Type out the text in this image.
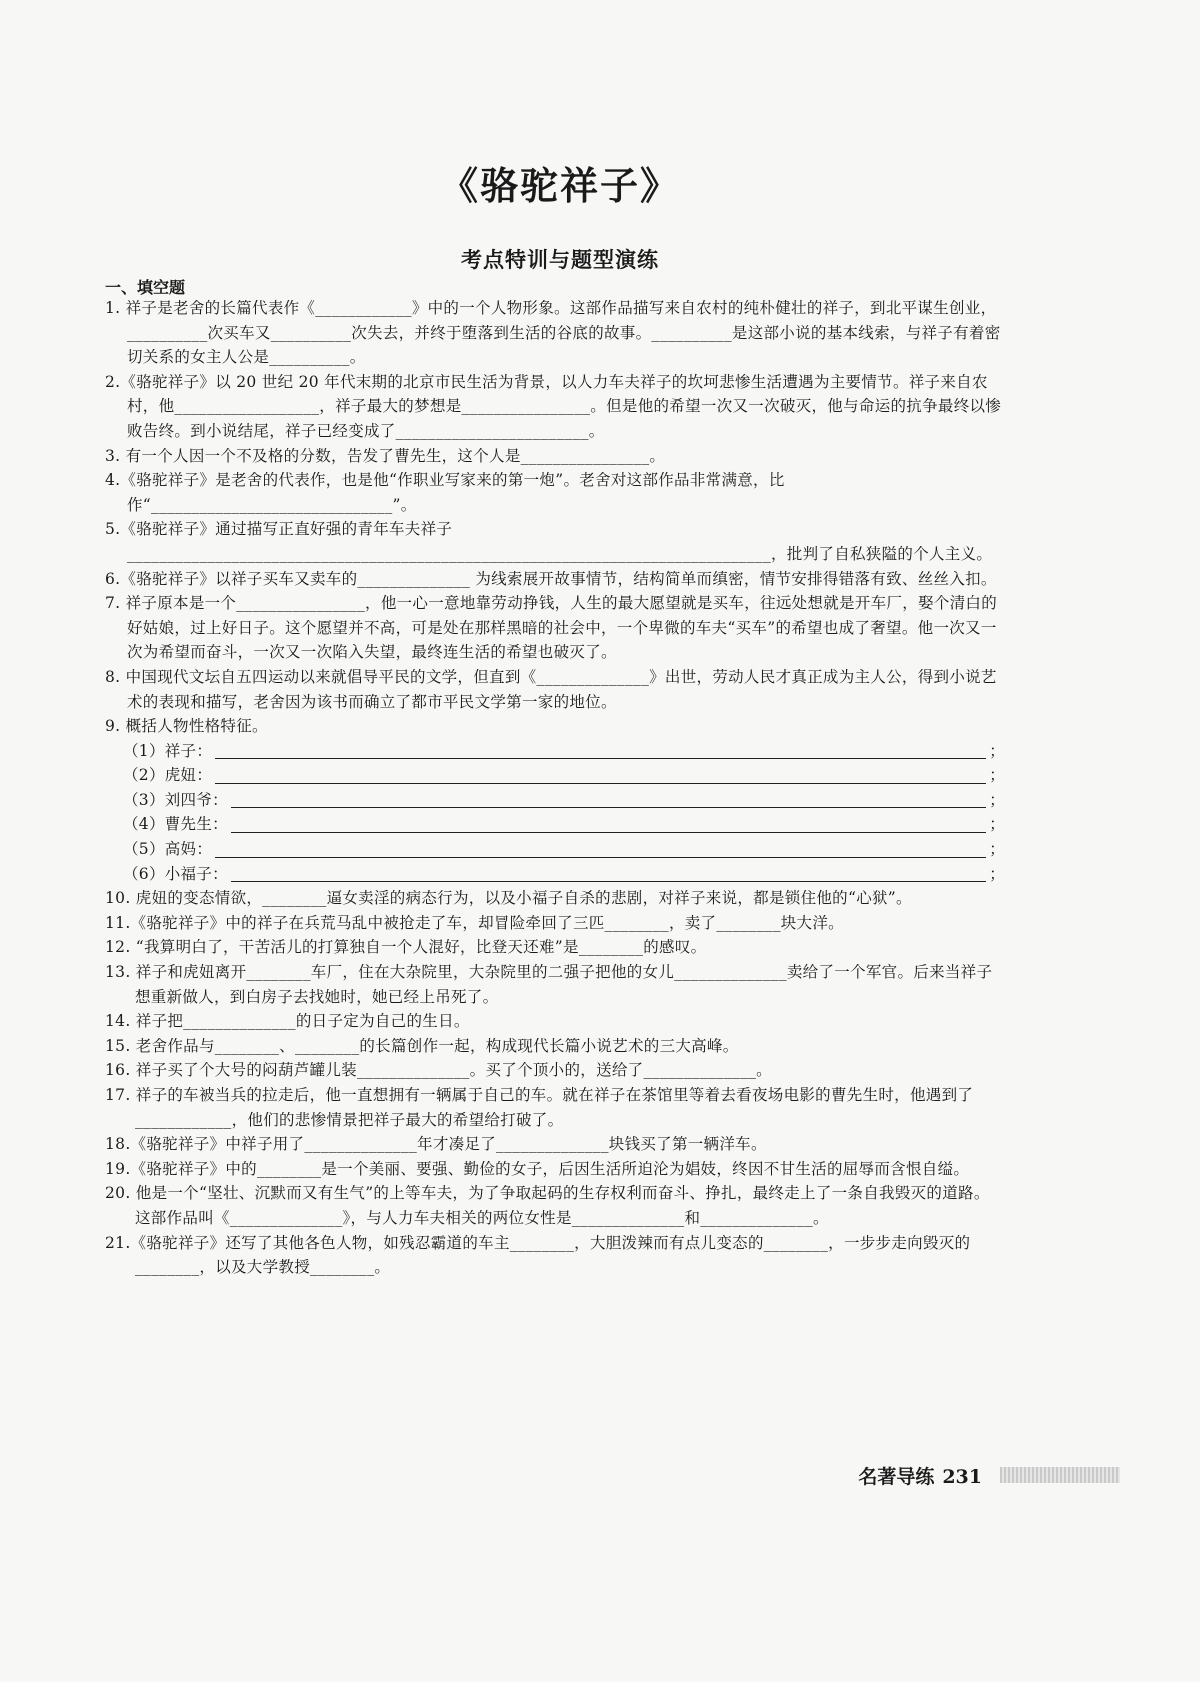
《骆驼祥子》
考点特训与题型演练
一、填空题

1. 祥子是老舍的长篇代表作《____________》中的一个人物形象。这部作品描写来自农村的纯朴健壮的祥子，到北平谋生创业，__________次买车又__________次失去，并终于堕落到生活的谷底的故事。__________是这部小说的基本线索，与祥子有着密切关系的女主人公是__________。

2.《骆驼祥子》以 20 世纪 20 年代末期的北京市民生活为背景，以人力车夫祥子的坎坷悲惨生活遭遇为主要情节。祥子来自农村，他__________________，祥子最大的梦想是________________。但是他的希望一次又一次破灭，他与命运的抗争最终以惨败告终。到小说结尾，祥子已经变成了________________________。

3. 有一个人因一个不及格的分数，告发了曹先生，这个人是________________。

4.《骆驼祥子》是老舍的代表作，也是他“作职业写家来的第一炮”。老舍对这部作品非常满意，比作“______________________________”。

5.《骆驼祥子》通过描写正直好强的青年车夫祥子________________________________________________________________________________，批判了自私狭隘的个人主义。

6.《骆驼祥子》以祥子买车又卖车的______________ 为线索展开故事情节，结构简单而缜密，情节安排得错落有致、丝丝入扣。

7. 祥子原本是一个________________，他一心一意地靠劳动挣钱，人生的最大愿望就是买车，往远处想就是开车厂，娶个清白的好姑娘，过上好日子。这个愿望并不高，可是处在那样黑暗的社会中，一个卑微的车夫“买车”的希望也成了奢望。他一次又一次为希望而奋斗，一次又一次陷入失望，最终连生活的希望也破灭了。

8. 中国现代文坛自五四运动以来就倡导平民的文学，但直到《______________》出世，劳动人民才真正成为主人公，得到小说艺术的表现和描写，老舍因为该书而确立了都市平民文学第一家的地位。

9. 概括人物性格特征。

（1）祥子：	；
（2）虎妞：	；
（3）刘四爷：	；
（4）曹先生：	；
（5）高妈：	；
（6）小福子：	；

10. 虎妞的变态情欲，________逼女卖淫的病态行为，以及小福子自杀的悲剧，对祥子来说，都是锁住他的“心狱”。

11.《骆驼祥子》中的祥子在兵荒马乱中被抢走了车，却冒险牵回了三匹________，卖了________块大洋。

12. “我算明白了，干苦活儿的打算独自一个人混好，比登天还难”是________的感叹。

13. 祥子和虎妞离开________车厂，住在大杂院里，大杂院里的二强子把他的女儿______________卖给了一个军官。后来当祥子想重新做人，到白房子去找她时，她已经上吊死了。

14. 祥子把______________的日子定为自己的生日。

15. 老舍作品与________、________的长篇创作一起，构成现代长篇小说艺术的三大高峰。

16. 祥子买了个大号的闷葫芦罐儿装______________。买了个顶小的，送给了______________。

17. 祥子的车被当兵的拉走后，他一直想拥有一辆属于自己的车。就在祥子在茶馆里等着去看夜场电影的曹先生时，他遇到了____________，他们的悲惨情景把祥子最大的希望给打破了。

18.《骆驼祥子》中祥子用了______________年才凑足了______________块钱买了第一辆洋车。

19.《骆驼祥子》中的________是一个美丽、要强、勤俭的女子，后因生活所迫沦为娼妓，终因不甘生活的屈辱而含恨自缢。

20. 他是一个“坚壮、沉默而又有生气”的上等车夫，为了争取起码的生存权利而奋斗、挣扎，最终走上了一条自我毁灭的道路。这部作品叫《______________》，与人力车夫相关的两位女性是______________和______________。

21.《骆驼祥子》还写了其他各色人物，如残忍霸道的车主________，大胆泼辣而有点儿变态的________，一步步走向毁灭的________，以及大学教授________。

名著导练 231
